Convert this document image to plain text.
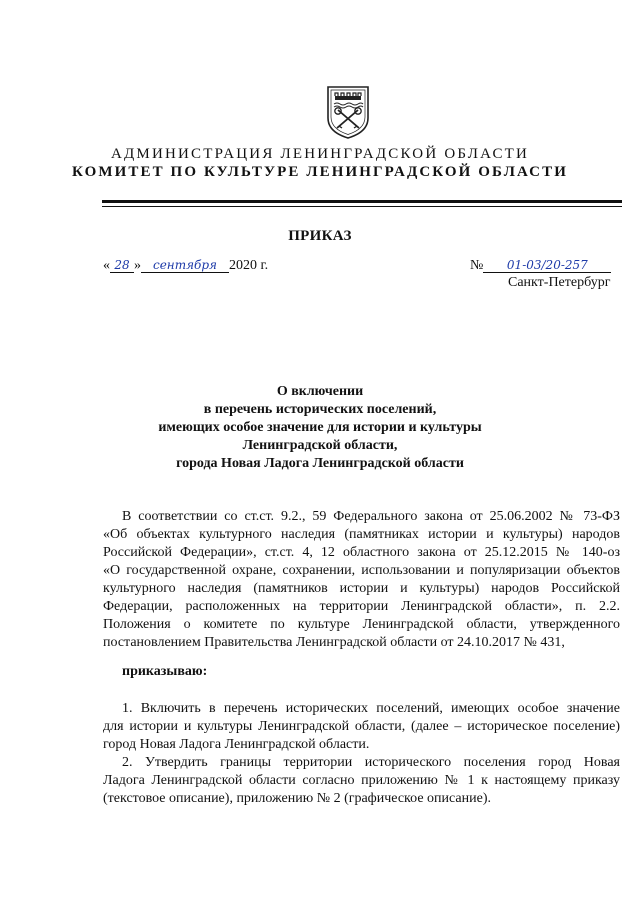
АДМИНИСТРАЦИЯ ЛЕНИНГРАДСКОЙ ОБЛАСТИ
КОМИТЕТ ПО КУЛЬТУРЕ ЛЕНИНГРАДСКОЙ ОБЛАСТИ
ПРИКАЗ
« 28 » сентября 2020 г.	№ 01-03/20-257
Санкт-Петербург
О включении
в перечень исторических поселений,
имеющих особое значение для истории и культуры
Ленинградской области,
города Новая Ладога Ленинградской области
В соответствии со ст.ст. 9.2., 59 Федерального закона от 25.06.2002 № 73-ФЗ
«Об объектах культурного наследия (памятниках истории и культуры) народов
Российской Федерации», ст.ст. 4, 12 областного закона от 25.12.2015 № 140-оз
«О государственной охране, сохранении, использовании и популяризации объектов
культурного наследия (памятников истории и культуры) народов Российской
Федерации, расположенных на территории Ленинградской области», п. 2.2.
Положения о комитете по культуре Ленинградской области, утвержденного
постановлением Правительства Ленинградской области от 24.10.2017 № 431,
приказываю:
1. Включить в перечень исторических поселений, имеющих особое значение
для истории и культуры Ленинградской области, (далее – историческое поселение)
город Новая Ладога Ленинградской области.
2. Утвердить границы территории исторического поселения город Новая
Ладога Ленинградской области согласно приложению № 1 к настоящему приказу
(текстовое описание), приложению № 2 (графическое описание).
